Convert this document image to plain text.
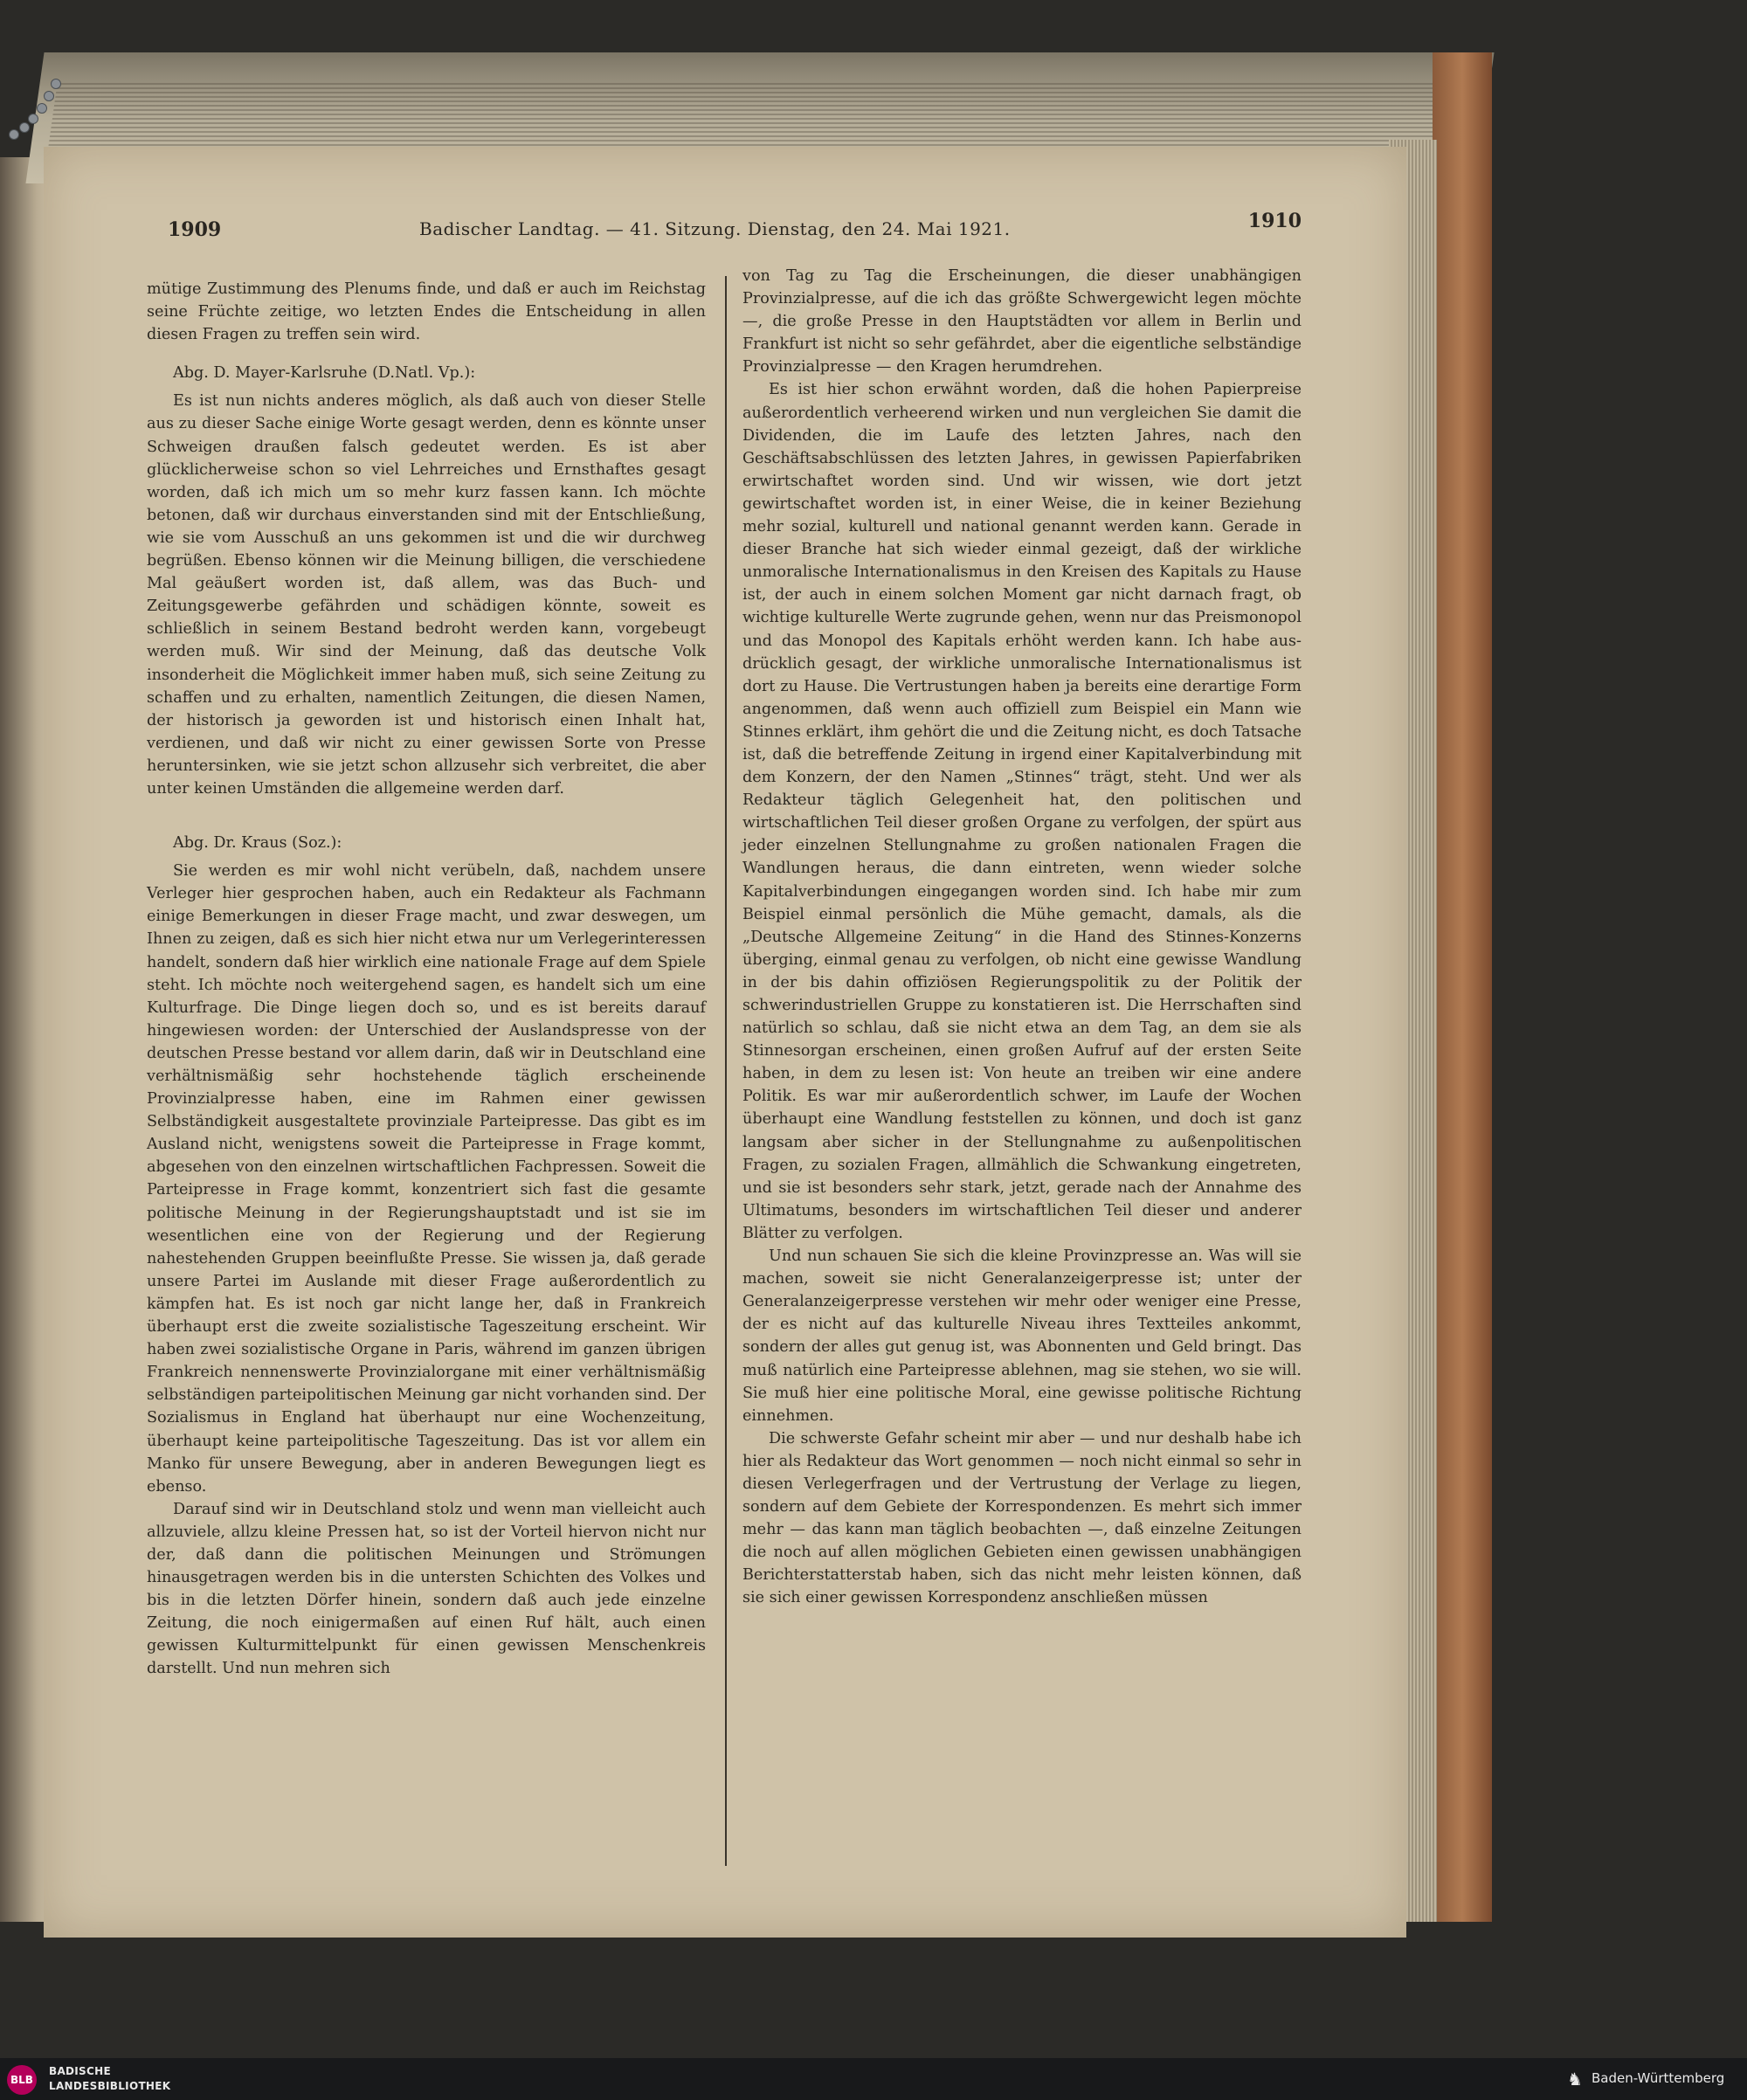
1909	Badischer Landtag. — 41. Sitzung. Dienstag, den 24. Mai 1921.	1910

mütige Zustimmung des Plenums finde, und daß er auch im Reichstag seine Früchte zeitige, wo letzten Endes die Entscheidung in allen diesen Fragen zu treffen sein wird.

Abg. D. Mayer-Karlsruhe (D.Natl. Vp.):

Es ist nun nichts anderes möglich, als daß auch von dieser Stelle aus zu dieser Sache einige Worte gesagt werden, denn es könnte unser Schweigen draußen falsch gedeutet werden. Es ist aber glücklicherweise schon so viel Lehrreiches und Ernsthaftes gesagt worden, daß ich mich um so mehr kurz fassen kann. Ich möchte betonen, daß wir durchaus einverstanden sind mit der Entschließung, wie sie vom Ausschuß an uns gekommen ist und die wir durchweg begrüßen. Ebenso können wir die Meinung billigen, die verschiedene Mal geäußert worden ist, daß allem, was das Buch- und Zeitungsgewerbe gefährden und schädigen könnte, soweit es schließlich in seinem Bestand bedroht werden kann, vorgebeugt werden muß. Wir sind der Meinung, daß das deutsche Volk insonderheit die Möglichkeit immer haben muß, sich seine Zeitung zu schaffen und zu erhalten, namentlich Zeitungen, die diesen Namen, der historisch ja geworden ist und historisch einen Inhalt hat, verdienen, und daß wir nicht zu einer gewissen Sorte von Presse heruntersinken, wie sie jetzt schon allzusehr sich verbreitet, die aber unter keinen Umständen die allgemeine werden darf.

Abg. Dr. Kraus (Soz.):

Sie werden es mir wohl nicht verübeln, daß, nachdem unsere Verleger hier gesprochen haben, auch ein Redakteur als Fachmann einige Bemerkungen in dieser Frage macht, und zwar deswegen, um Ihnen zu zeigen, daß es sich hier nicht etwa nur um Verlegerinteressen handelt, sondern daß hier wirklich eine nationale Frage auf dem Spiele steht. Ich möchte noch weitergehend sagen, es handelt sich um eine Kulturfrage. Die Dinge liegen doch so, und es ist bereits darauf hingewiesen worden: der Unterschied der Auslandspresse von der deutschen Presse bestand vor allem darin, daß wir in Deutschland eine verhältnismäßig sehr hochstehende täglich erscheinende Provinzialpresse haben, eine im Rahmen einer gewissen Selbständigkeit ausgestaltete provinziale Parteipresse. Das gibt es im Ausland nicht, wenigstens soweit die Parteipresse in Frage kommt, abgesehen von den einzelnen wirtschaftlichen Fachpressen. Soweit die Parteipresse in Frage kommt, konzentriert sich fast die gesamte politische Meinung in der Regierungshauptstadt und ist sie im wesentlichen eine von der Regierung und der Regierung nahestehenden Gruppen beeinflußte Presse. Sie wissen ja, daß gerade unsere Partei im Auslande mit dieser Frage außerordentlich zu kämpfen hat. Es ist noch gar nicht lange her, daß in Frankreich überhaupt erst die zweite sozialistische Tageszeitung erscheint. Wir haben zwei sozialistische Organe in Paris, während im ganzen übrigen Frankreich nennenswerte Provinzialorgane mit einer verhältnismäßig selbständigen parteipolitischen Meinung gar nicht vorhanden sind. Der Sozialismus in England hat überhaupt nur eine Wochenzeitung, überhaupt keine parteipolitische Tageszeitung. Das ist vor allem ein Manko für unsere Bewegung, aber in anderen Bewegungen liegt es ebenso.

Darauf sind wir in Deutschland stolz und wenn man vielleicht auch allzuviele, allzu kleine Pressen hat, so ist der Vorteil hiervon nicht nur der, daß dann die politischen Meinungen und Strömungen hinausgetragen werden bis in die untersten Schichten des Volkes und bis in die letzten Dörfer hinein, sondern daß auch jede einzelne Zeitung, die noch einigermaßen auf einen Ruf hält, auch einen gewissen Kulturmittelpunkt für einen gewissen Menschenkreis darstellt. Und nun mehren sich

von Tag zu Tag die Erscheinungen, die dieser unabhängigen Provinzialpresse, auf die ich das größte Schwergewicht legen möchte —, die große Presse in den Hauptstädten vor allem in Berlin und Frankfurt ist nicht so sehr gefährdet, aber die eigentliche selbständige Provinzialpresse — den Kragen herumdrehen.

Es ist hier schon erwähnt worden, daß die hohen Papierpreise außerordentlich verheerend wirken und nun vergleichen Sie damit die Dividenden, die im Laufe des letzten Jahres, nach den Geschäftsabschlüssen des letzten Jahres, in gewissen Papierfabriken erwirtschaftet worden sind. Und wir wissen, wie dort jetzt gewirtschaftet worden ist, in einer Weise, die in keiner Beziehung mehr sozial, kulturell und national genannt werden kann. Gerade in dieser Branche hat sich wieder einmal gezeigt, daß der wirkliche unmoralische Internationalismus in den Kreisen des Kapitals zu Hause ist, der auch in einem solchen Moment gar nicht darnach fragt, ob wichtige kulturelle Werte zugrunde gehen, wenn nur das Preismonopol und das Monopol des Kapitals erhöht werden kann. Ich habe ausdrücklich gesagt, der wirkliche unmoralische Internationalismus ist dort zu Hause. Die Vertrustungen haben ja bereits eine derartige Form angenommen, daß wenn auch offiziell zum Beispiel ein Mann wie Stinnes erklärt, ihm gehört die und die Zeitung nicht, es doch Tatsache ist, daß die betreffende Zeitung in irgend einer Kapitalverbindung mit dem Konzern, der den Namen „Stinnes“ trägt, steht. Und wer als Redakteur täglich Gelegenheit hat, den politischen und wirtschaftlichen Teil dieser großen Organe zu verfolgen, der spürt aus jeder einzelnen Stellungnahme zu großen nationalen Fragen die Wandlungen heraus, die dann eintreten, wenn wieder solche Kapitalverbindungen eingegangen worden sind. Ich habe mir zum Beispiel einmal persönlich die Mühe gemacht, damals, als die „Deutsche Allgemeine Zeitung“ in die Hand des Stinnes-Konzerns überging, einmal genau zu verfolgen, ob nicht eine gewisse Wandlung in der bis dahin offiziösen Regierungspolitik zu der Politik der schwerindustriellen Gruppe zu konstatieren ist. Die Herrschaften sind natürlich so schlau, daß sie nicht etwa an dem Tag, an dem sie als Stinnesorgan erscheinen, einen großen Aufruf auf der ersten Seite haben, in dem zu lesen ist: Von heute an treiben wir eine andere Politik. Es war mir außerordentlich schwer, im Laufe der Wochen überhaupt eine Wandlung feststellen zu können, und doch ist ganz langsam aber sicher in der Stellungnahme zu außenpolitischen Fragen, zu sozialen Fragen, allmählich die Schwankung eingetreten, und sie ist besonders sehr stark, jetzt, gerade nach der Annahme des Ultimatums, besonders im wirtschaftlichen Teil dieser und anderer Blätter zu verfolgen.

Und nun schauen Sie sich die kleine Provinzpresse an. Was will sie machen, soweit sie nicht Generalanzeigerpresse ist; unter der Generalanzeigerpresse verstehen wir mehr oder weniger eine Presse, der es nicht auf das kulturelle Niveau ihres Textteiles ankommt, sondern der alles gut genug ist, was Abonnenten und Geld bringt. Das muß natürlich eine Parteipresse ablehnen, mag sie stehen, wo sie will. Sie muß hier eine politische Moral, eine gewisse politische Richtung einnehmen.

Die schwerste Gefahr scheint mir aber — und nur deshalb habe ich hier als Redakteur das Wort genommen — noch nicht einmal so sehr in diesen Verlegerfragen und der Vertrustung der Verlage zu liegen, sondern auf dem Gebiete der Korrespondenzen. Es mehrt sich immer mehr — das kann man täglich beobachten —, daß einzelne Zeitungen die noch auf allen möglichen Gebieten einen gewissen unabhängigen Berichterstatterstab haben, sich das nicht mehr leisten können, daß sie sich einer gewissen Korrespondenz anschließen müssen

BLB
BADISCHE
LANDESBIBLIOTHEK	♞ Baden-Württemberg
